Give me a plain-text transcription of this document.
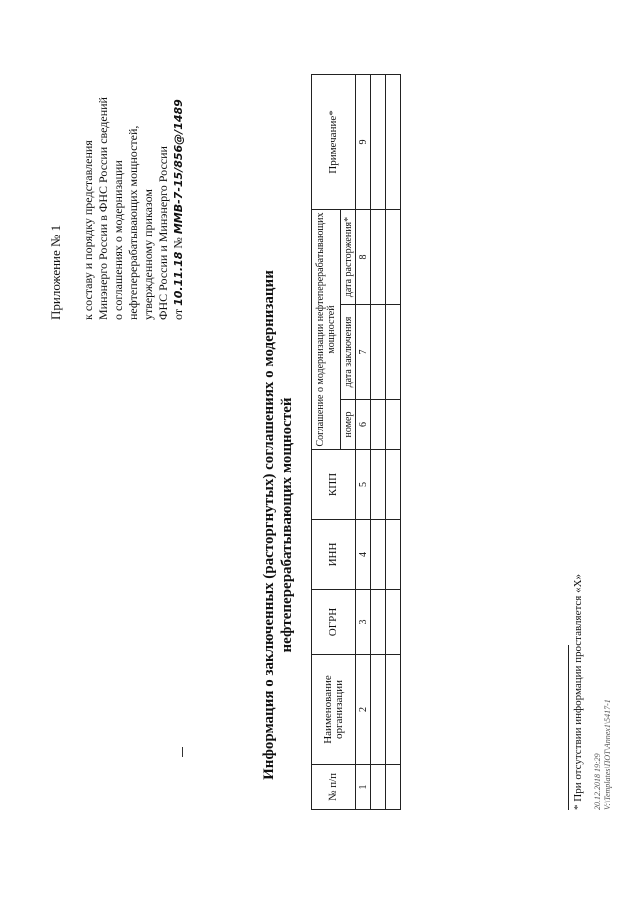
Приложение № 1 к составу и порядку представления Минэнерго России в ФНС России сведений о соглашениях о модернизации нефтеперерабатывающих мощностей, утвержденному приказом ФНС России и Минэнерго России от 10.11.18 № ММВ-7-15/856@/1489
Информация о заключенных (расторгнутых) соглашениях о модернизации нефтеперерабатывающих мощностей
№ п/п	Наименование организации	ОГРН	ИНН	КПП	Соглашение о модернизации нефтеперерабатывающих мощностей			Примечание*
					номер	дата заключения	дата расторжения*	
1	2	3	4	5	6	7	8	9

* При отсутствии информации проставляется «X» 20.12.2018 19:29 V:\Templates\ПОТ\Annex1\5417-1
